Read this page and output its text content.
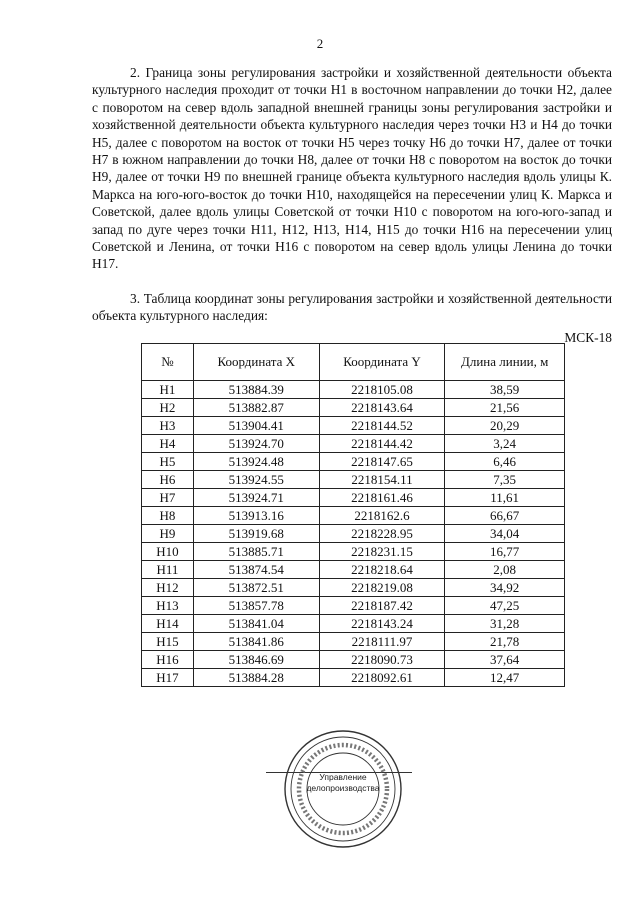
2

2. Граница зоны регулирования застройки и хозяйственной деятельности объекта культурного наследия проходит от точки Н1 в восточном направлении до точки Н2, далее с поворотом на север вдоль западной внешней границы зоны регулирования застройки и хозяйственной деятельности объекта культурного наследия через точки Н3 и Н4 до точки Н5, далее с поворотом на восток от точки Н5 через точку Н6 до точки Н7, далее от точки Н7 в южном направлении до точки Н8, далее от точки Н8 с поворотом на восток до точки Н9, далее от точки Н9 по внешней границе объекта культурного наследия вдоль улицы К. Маркса на юго-юго-восток до точки Н10, находящейся на пересечении улиц К. Маркса и Советской, далее вдоль улицы Советской от точки Н10 с поворотом на юго-юго-запад и запад по дуге через точки Н11, Н12, Н13, Н14, Н15 до точки Н16 на пересечении улиц Советской и Ленина, от точки Н16 с поворотом на север вдоль улицы Ленина до точки Н17.

3. Таблица координат зоны регулирования застройки и хозяйственной деятельности объекта культурного наследия:

МСК-18
№	Координата X	Координата Y	Длина линии, м
Н1	513884.39	2218105.08	38,59
Н2	513882.87	2218143.64	21,56
Н3	513904.41	2218144.52	20,29
Н4	513924.70	2218144.42	3,24
Н5	513924.48	2218147.65	6,46
Н6	513924.55	2218154.11	7,35
Н7	513924.71	2218161.46	11,61
Н8	513913.16	2218162.6	66,67
Н9	513919.68	2218228.95	34,04
Н10	513885.71	2218231.15	16,77
Н11	513874.54	2218218.64	2,08
Н12	513872.51	2218219.08	34,92
Н13	513857.78	2218187.42	47,25
Н14	513841.04	2218143.24	31,28
Н15	513841.86	2218111.97	21,78
Н16	513846.69	2218090.73	37,64
Н17	513884.28	2218092.61	12,47
Управление
делопроизводства
